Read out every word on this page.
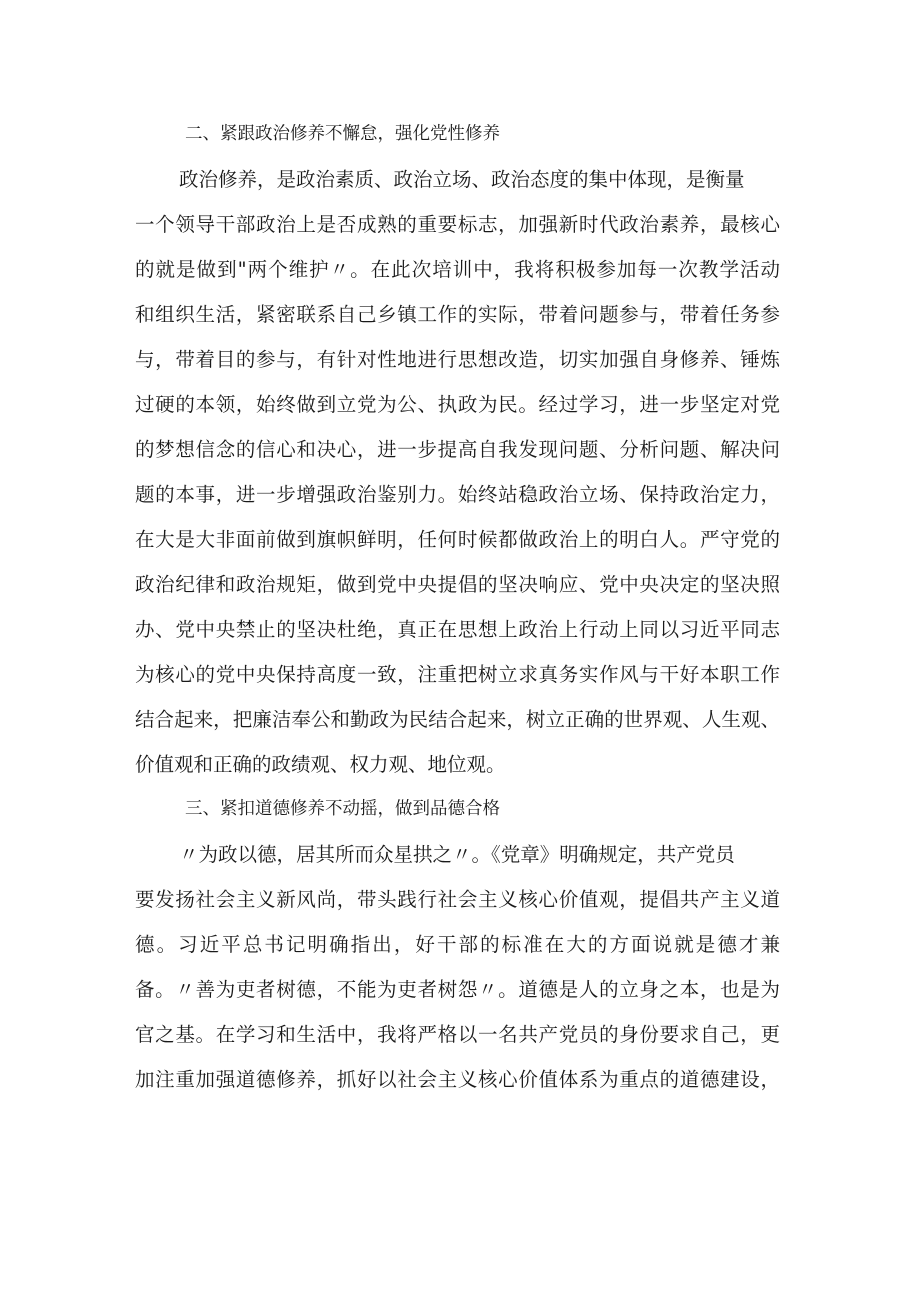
二、紧跟政治修养不懈怠，强化党性修养
政治修养，是政治素质、政治立场、政治态度的集中体现，是衡量
一个领导干部政治上是否成熟的重要标志，加强新时代政治素养，最核心
的就是做到"两个维护〃。在此次培训中，我将积极参加每一次教学活动
和组织生活，紧密联系自己乡镇工作的实际，带着问题参与，带着任务参
与，带着目的参与，有针对性地进行思想改造，切实加强自身修养、锤炼
过硬的本领，始终做到立党为公、执政为民。经过学习，进一步坚定对党
的梦想信念的信心和决心，进一步提高自我发现问题、分析问题、解决问
题的本事，进一步增强政治鉴别力。始终站稳政治立场、保持政治定力，
在大是大非面前做到旗帜鲜明，任何时候都做政治上的明白人。严守党的
政治纪律和政治规矩，做到党中央提倡的坚决响应、党中央决定的坚决照
办、党中央禁止的坚决杜绝，真正在思想上政治上行动上同以习近平同志
为核心的党中央保持高度一致，注重把树立求真务实作风与干好本职工作
结合起来，把廉洁奉公和勤政为民结合起来，树立正确的世界观、人生观、
价值观和正确的政绩观、权力观、地位观。
三、紧扣道德修养不动摇，做到品德合格
〃为政以德，居其所而众星拱之〃。《党章》明确规定，共产党员
要发扬社会主义新风尚，带头践行社会主义核心价值观，提倡共产主义道
德。习近平总书记明确指出，好干部的标准在大的方面说就是德才兼
备。〃善为吏者树德，不能为吏者树怨〃。道德是人的立身之本，也是为
官之基。在学习和生活中，我将严格以一名共产党员的身份要求自己，更
加注重加强道德修养，抓好以社会主义核心价值体系为重点的道德建设，
